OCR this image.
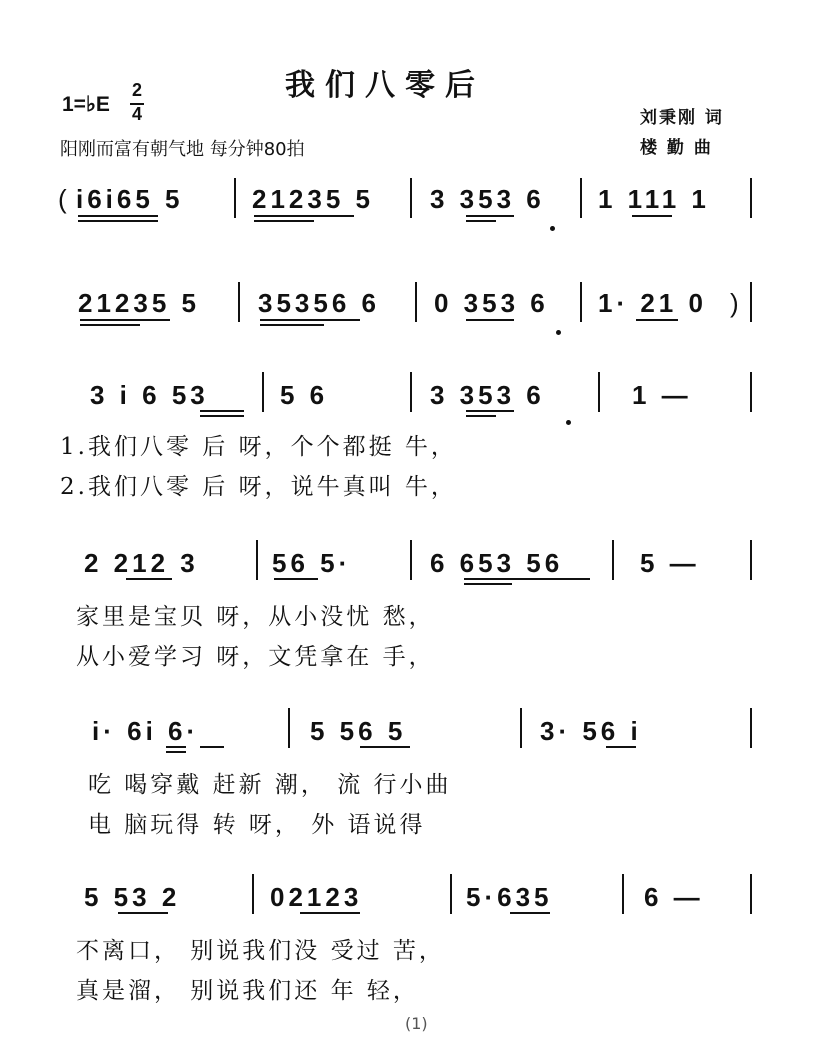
我们八零后
1=♭E
2
4
阳刚而富有朝气地 每分钟80拍
刘秉刚 词
楼 勤 曲
( i6i65 5	21235 5 3 353 6 1 111 1
21235 5 35356 6 0 353 6 1· 21 0 )
3 i 6 53	5 6	3 353 6	1 —
1.我们八零 后 呀，个个都挺 牛，
2.我们八零 后 呀，说牛真叫 牛，
2 212 3	56 5·	6 653 56	5 —
家里是宝贝 呀，从小没忧 愁，
从小爱学习 呀，文凭拿在 手，
i· 6i 6·	5 56 5	3· 56 i
吃 喝穿戴 赶新 潮， 流 行小曲
电 脑玩得 转 呀， 外 语说得
5 53 2	02123	5·635	6 —
不离口， 别说我们没 受过 苦，
真是溜， 别说我们还 年 轻，
(1)
